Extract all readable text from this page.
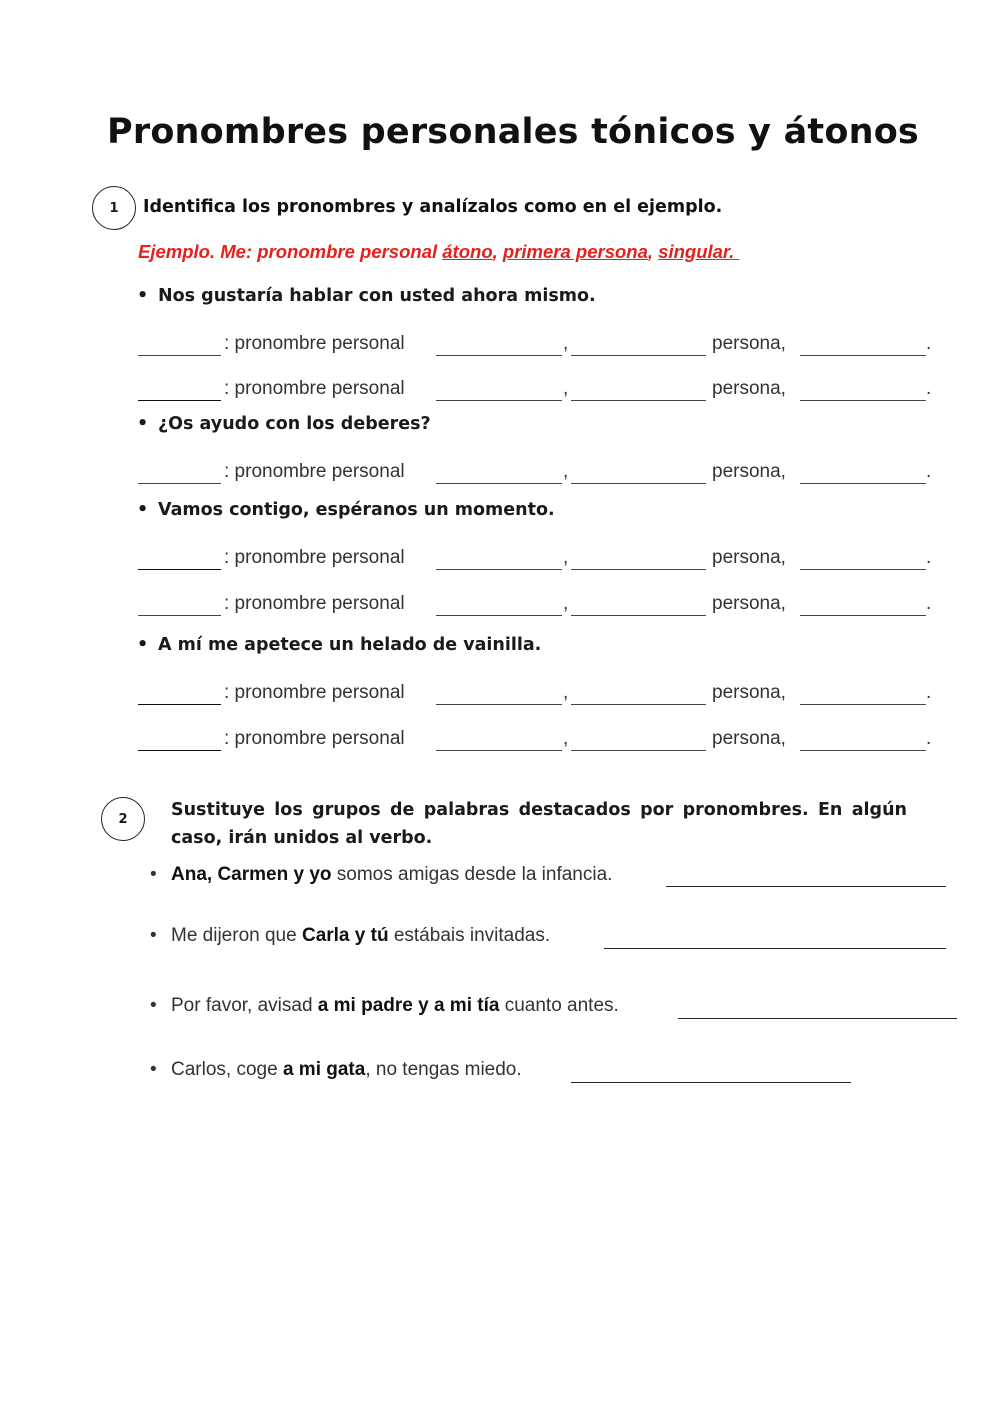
Pronombres personales tónicos y átonos
1	Identifica los pronombres y analízalos como en el ejemplo.
Ejemplo. Me: pronombre personal átono, primera persona, singular.
• Nos gustaría hablar con usted ahora mismo.
• ¿Os ayudo con los deberes?
• Vamos contigo, espéranos un momento.
• A mí me apetece un helado de vainilla.
: pronombre personal	,	persona,	.
: pronombre personal	,	persona,	.
: pronombre personal	,	persona,	.
: pronombre personal	,	persona,	.
: pronombre personal	,	persona,	.
: pronombre personal	,	persona,	.
: pronombre personal	,	persona,	.
2	Sustituye los grupos de palabras destacados por pronombres. En algún caso, irán unidos al verbo.

• Ana, Carmen y yo somos amigas desde la infancia.
• Me dijeron que Carla y tú estábais invitadas.
• Por favor, avisad a mi padre y a mi tía cuanto antes.
• Carlos, coge a mi gata, no tengas miedo.
